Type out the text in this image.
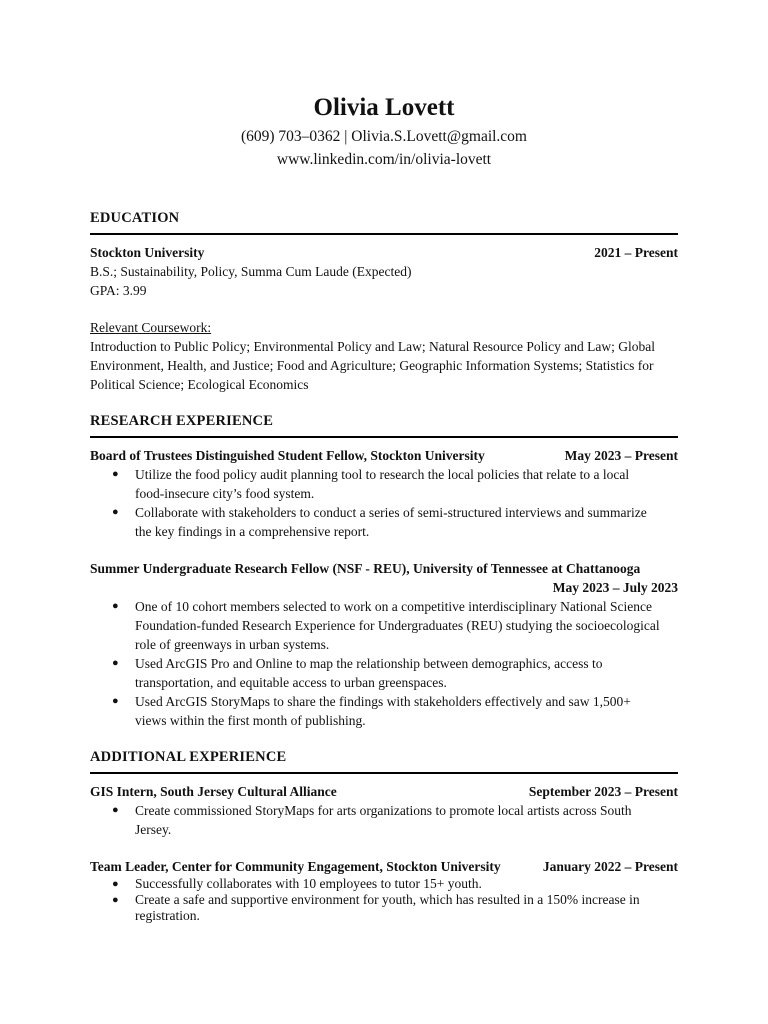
Olivia Lovett
(609) 703–0362 | Olivia.S.Lovett@gmail.com
www.linkedin.com/in/olivia-lovett
EDUCATION
Stockton University	2021 – Present
B.S.; Sustainability, Policy, Summa Cum Laude (Expected)
GPA: 3.99
Relevant Coursework:
Introduction to Public Policy; Environmental Policy and Law; Natural Resource Policy and Law; Global
Environment, Health, and Justice; Food and Agriculture; Geographic Information Systems; Statistics for
Political Science; Ecological Economics
RESEARCH EXPERIENCE
Board of Trustees Distinguished Student Fellow, Stockton University	May 2023 – Present
● Utilize the food policy audit planning tool to research the local policies that relate to a local
food-insecure city’s food system.
● Collaborate with stakeholders to conduct a series of semi-structured interviews and summarize
the key findings in a comprehensive report.
Summer Undergraduate Research Fellow (NSF - REU), University of Tennessee at Chattanooga
May 2023 – July 2023
● One of 10 cohort members selected to work on a competitive interdisciplinary National Science
Foundation-funded Research Experience for Undergraduates (REU) studying the socioecological
role of greenways in urban systems.
● Used ArcGIS Pro and Online to map the relationship between demographics, access to
transportation, and equitable access to urban greenspaces.
● Used ArcGIS StoryMaps to share the findings with stakeholders effectively and saw 1,500+
views within the first month of publishing.
ADDITIONAL EXPERIENCE
GIS Intern, South Jersey Cultural Alliance	September 2023 – Present
● Create commissioned StoryMaps for arts organizations to promote local artists across South
Jersey.
Team Leader, Center for Community Engagement, Stockton University	January 2022 – Present
● Successfully collaborates with 10 employees to tutor 15+ youth.
● Create a safe and supportive environment for youth, which has resulted in a 150% increase in
registration.
